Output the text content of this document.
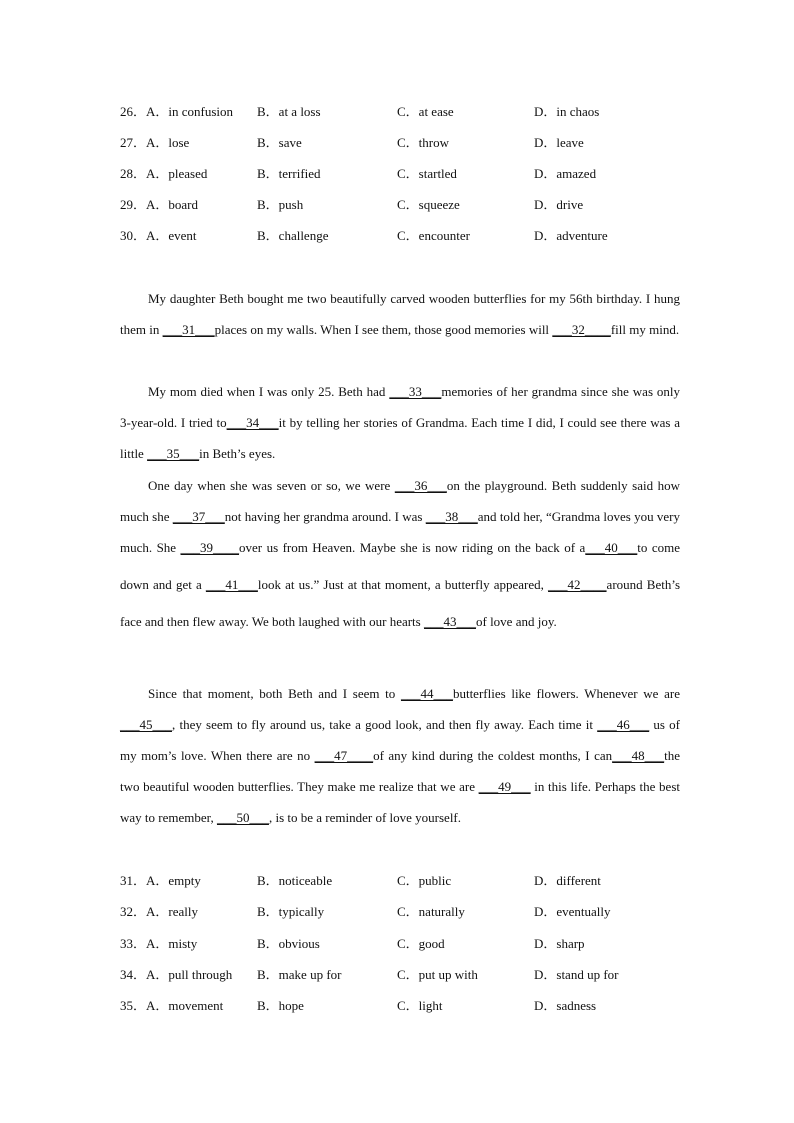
26．A．in confusion B．at a loss	C．at ease	D．in chaos
27．A．lose	B．save	C．throw	D．leave
28．A．pleased	B．terrified	C．startled	D．amazed
29．A．board	B．push	C．squeeze	D．drive
30．A．event	B．challenge	C．encounter	D．adventure
My daughter Beth bought me two beautifully carved wooden butterflies for my 56th birthday. I hung them in ___31___places on my walls. When I see them, those good memories will ___32____fill my mind.
My mom died when I was only 25. Beth had ___33___memories of her grandma since she was only 3-year-old. I tried to___34___it by telling her stories of Grandma. Each time I did, I could see there was a little ___35___in Beth’s eyes.
One day when she was seven or so, we were ___36___on the playground. Beth suddenly said how much she ___37___not having her grandma around. I was ___38___and told her, “Grandma loves you very much. She ___39____over us from Heaven. Maybe she is now riding on the back of a___40___to come down and get a ___41___look at us.” Just at that moment, a butterfly appeared, ___42____around Beth’s face and then flew away. We both laughed with our hearts ___43___of love and joy.
Since that moment, both Beth and I seem to ___44___butterflies like flowers. Whenever we are ___45___, they seem to fly around us, take a good look, and then fly away. Each time it ___46___ us of my mom’s love. When there are no ___47____of any kind during the coldest months, I can___48___the two beautiful wooden butterflies. They make me realize that we are ___49___ in this life. Perhaps the best way to remember, ___50___, is to be a reminder of love yourself.
31．A．empty	B．noticeable	C．public	D．different
32．A．really	B．typically	C．naturally	D．eventually
33．A．misty	B．obvious	C．good	D．sharp
34．A．pull through B．make up for	C．put up with	D．stand up for
35．A．movement	B．hope	C．light	D．sadness
